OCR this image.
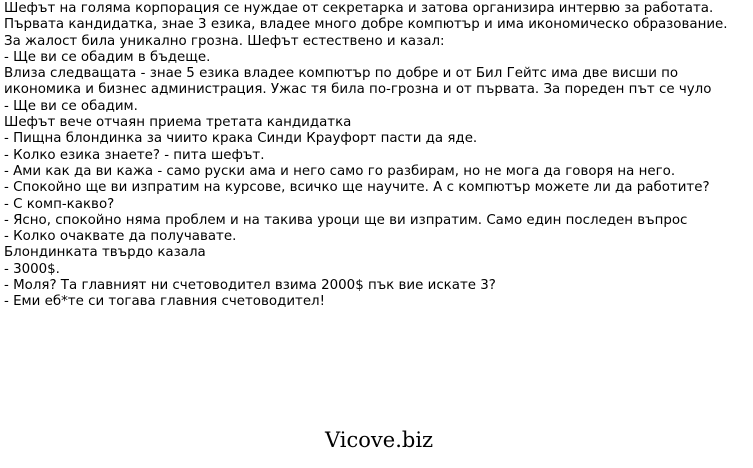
Шефът на голяма корпорация се нуждае от секретарка и затова организира интервю за работата.

Първата кандидатка, знае 3 езика, владее много добре компютър и има икономическо образование. За жалост била уникално грозна. Шефът естествено и казал:

- Ще ви се обадим в бъдеще.

Влиза следващата - знае 5 езика владее компютър по добре и от Бил Гейтс има две висши по икономика и бизнес администрация. Ужас тя била по-грозна и от първата. За пореден път се чуло

- Ще ви се обадим.

Шефът вече отчаян приема третата кандидатка

- Пищна блондинка за чиито крака Синди Крауфорт пасти да яде.

- Колко езика знаете? - пита шефът.

- Ами как да ви кажа - само руски ама и него само го разбирам, но не мога да говоря на него.

- Спокойно ще ви изпратим на курсове, всичко ще научите. А с компютър можете ли да работите?

- С комп-какво?

- Ясно, спокойно няма проблем и на такива уроци ще ви изпратим. Само един последен въпрос

- Колко очаквате да получавате.

Блондинката твърдо казала

- 3000$.

- Моля? Та главният ни счетоводител взима 2000$ пък вие искате 3?

- Еми еб*те си тогава главния счетоводител!

Vicove.biz
